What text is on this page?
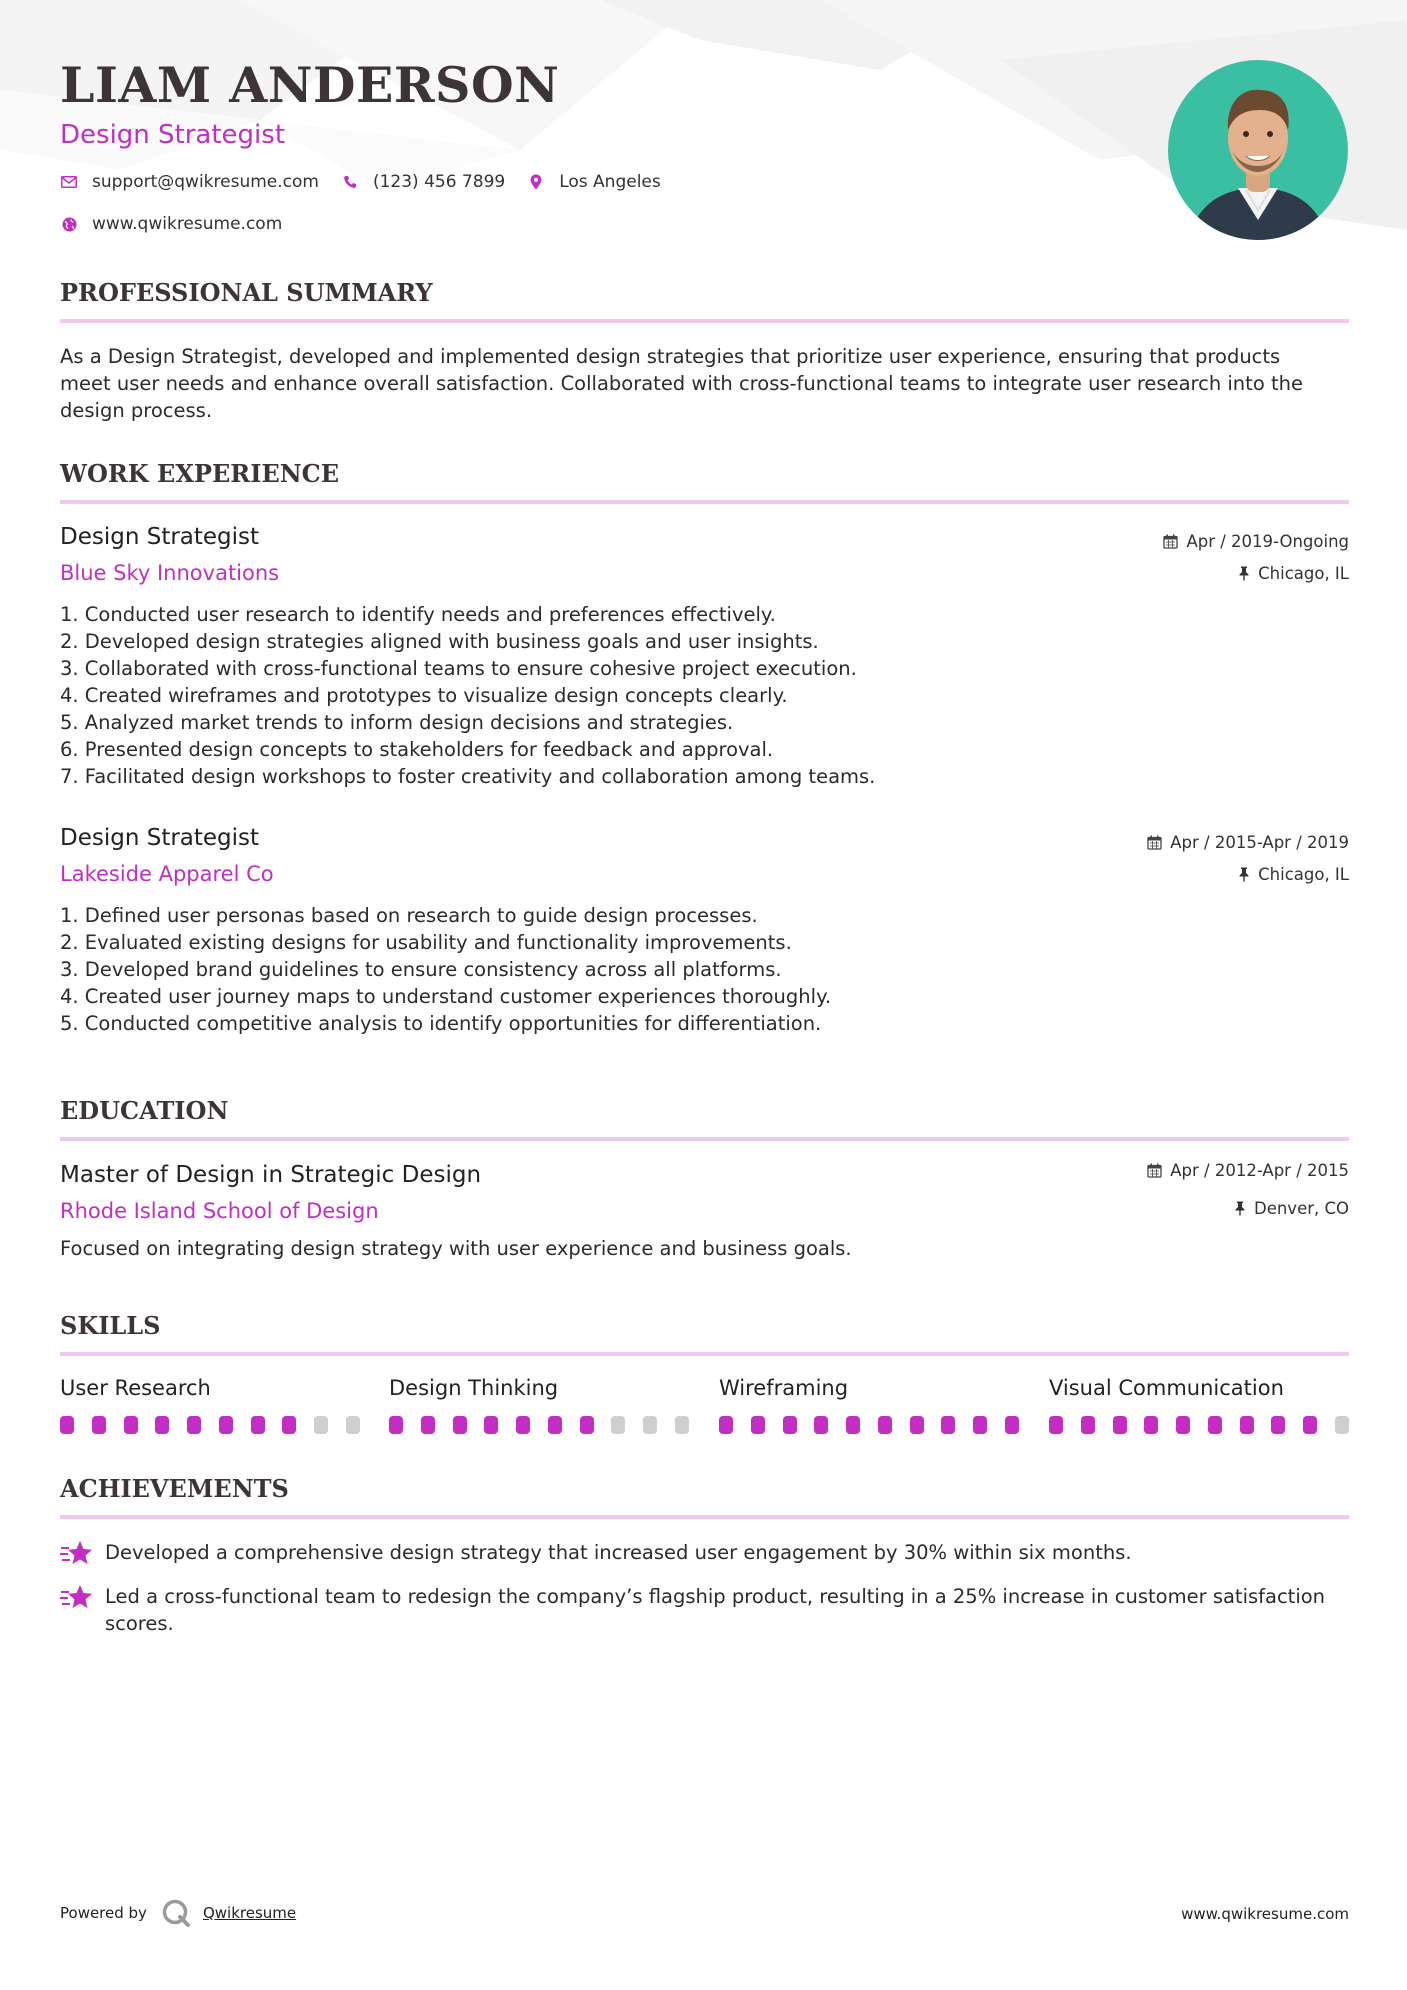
LIAM ANDERSON
Design Strategist
support@qwikresume.com	(123) 456 7899	Los Angeles
www.qwikresume.com
PROFESSIONAL SUMMARY

As a Design Strategist, developed and implemented design strategies that prioritize user experience, ensuring that products meet user needs and enhance overall satisfaction. Collaborated with cross-functional teams to integrate user research into the design process.

WORK EXPERIENCE
Design Strategist
Blue Sky Innovations
Apr / 2019-Ongoing
Chicago, IL
1. Conducted user research to identify needs and preferences effectively.
2. Developed design strategies aligned with business goals and user insights.
3. Collaborated with cross-functional teams to ensure cohesive project execution.
4. Created wireframes and prototypes to visualize design concepts clearly.
5. Analyzed market trends to inform design decisions and strategies.
6. Presented design concepts to stakeholders for feedback and approval.
7. Facilitated design workshops to foster creativity and collaboration among teams.
Design Strategist
Lakeside Apparel Co
Apr / 2015-Apr / 2019
Chicago, IL
1. Defined user personas based on research to guide design processes.
2. Evaluated existing designs for usability and functionality improvements.
3. Developed brand guidelines to ensure consistency across all platforms.
4. Created user journey maps to understand customer experiences thoroughly.
5. Conducted competitive analysis to identify opportunities for differentiation.
EDUCATION
Master of Design in Strategic Design
Rhode Island School of Design
Apr / 2012-Apr / 2015
Denver, CO

Focused on integrating design strategy with user experience and business goals.

SKILLS
User Research	Design Thinking	Wireframing	Visual Communication
ACHIEVEMENTS
Developed a comprehensive design strategy that increased user engagement by 30% within six months.
Led a cross-functional team to redesign the company’s flagship product, resulting in a 25% increase in customer satisfaction scores.
Powered by	Qwikresume	www.qwikresume.com
